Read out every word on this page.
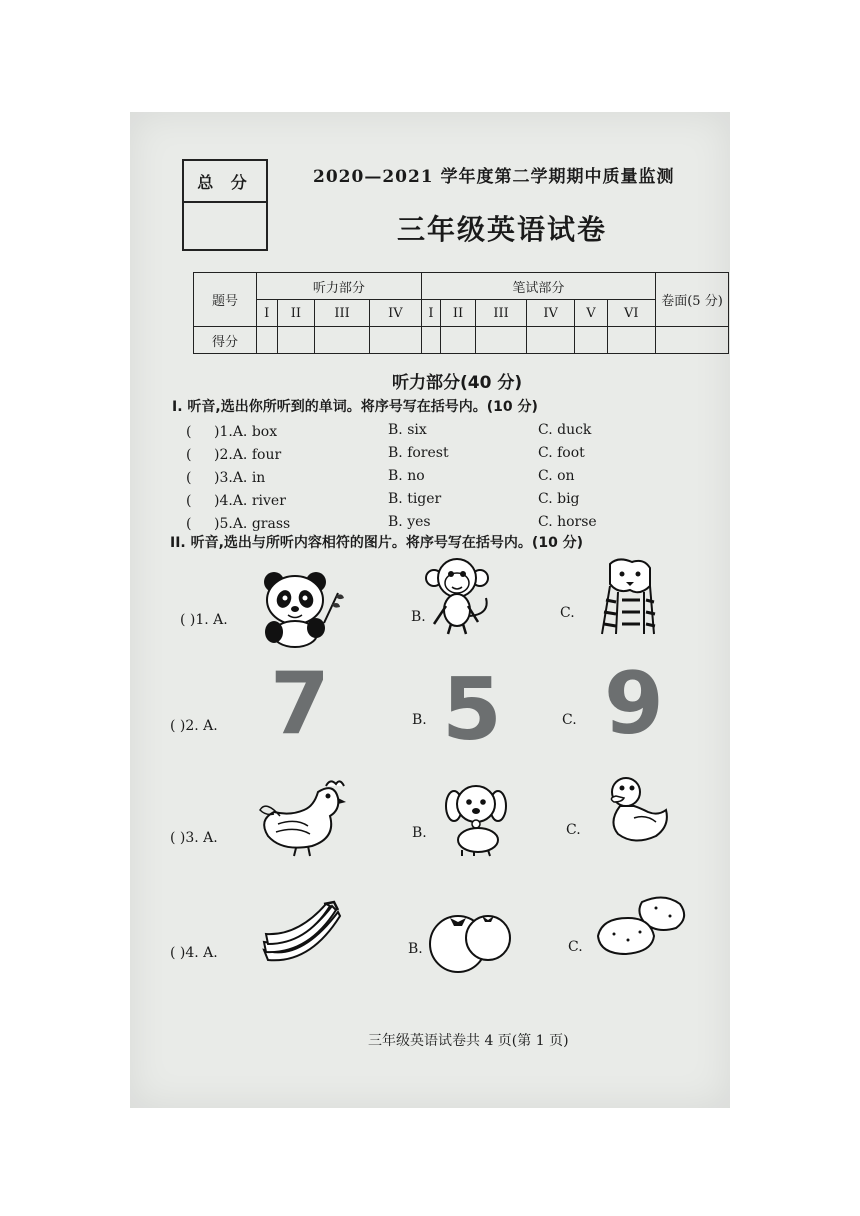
总 分	2020—2021 学年度第二学期期中质量监测
三年级英语试卷
题号	听力部分				笔试部分						卷面(5 分)
	I	II	III	IV	I	II	III	IV	V	VI	
得分											
听力部分(40 分)
I. 听音,选出你所听到的单词。将序号写在括号内。(10 分)
( )1.A. box	B. six	C. duck
( )2.A. four	B. forest	C. foot
( )3.A. in	B. no	C. on
( )4.A. river	B. tiger	C. big
( )5.A. grass	B. yes	C. horse
II. 听音,选出与所听内容相符的图片。将序号写在括号内。(10 分)
( )1. A.	B.	C.
( )2. A. 7	B. 5	C. 9
( )3. A.	B.	C.
( )4. A.	B.	C.
三年级英语试卷共 4 页(第 1 页)
